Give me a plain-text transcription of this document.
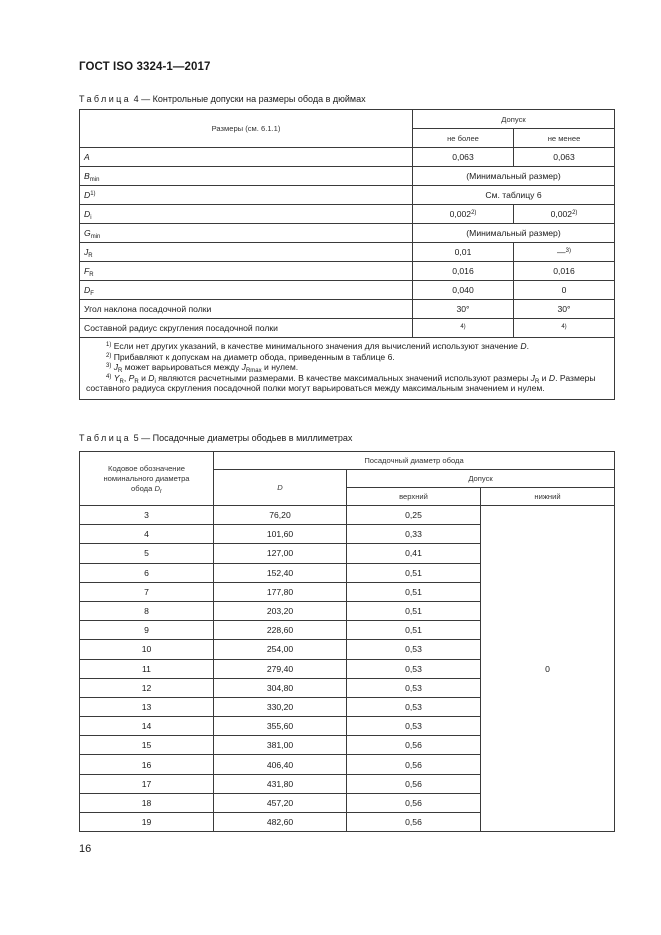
ГОСТ ISO 3324-1—2017
Таблица 4 — Контрольные допуски на размеры обода в дюймах
Размеры (см. 6.1.1)	Допуск	
	не более	не менее
A	0,063	0,063
$B_{min}$	(Минимальный размер)	
$D^{1)}$	См. таблицу 6	
$D_i$	0,002$^{2)}$	0,002$^{2)}$
$G_{min}$	(Минимальный размер)	
$J_R$	0,01	—$^{3)}$
$F_R$	0,016	0,016
$D_F$	0,040	0
Угол наклона посадочной полки	30°	30°
Составной радиус скругления посадочной полки	$^{4)}$	$^{4)}$

$^{1)}$ Если нет других указаний, в качестве минимального значения для вычислений используют значение D.
$^{2)}$ Прибавляют к допускам на диаметр обода, приведенным в таблице 6.
$^{3)}$ $J_R$ может варьироваться между $J_{Rmax}$ и нулем.
$^{4)}$ $Y_R$, $P_R$ и $D_i$ являются расчетными размерами. В качестве максимальных значений используют размеры $J_R$ и D. Размеры составного радиуса скругления посадочной полки могут варьироваться между максимальным значением и нулем.		
Таблица 5 — Посадочные диаметры ободьев в миллиметрах
Кодовое обозначение
номинального диаметра
обода $D_r$	Посадочный диаметр обода		
	D	Допуск	
		верхний	нижний
3	76,20	0,25	0
4	101,60	0,33	
5	127,00	0,41	
6	152,40	0,51	
7	177,80	0,51	
8	203,20	0,51	
9	228,60	0,51	
10	254,00	0,53	
11	279,40	0,53	
12	304,80	0,53	
13	330,20	0,53	
14	355,60	0,53	
15	381,00	0,56	
16	406,40	0,56	
17	431,80	0,56	
18	457,20	0,56	
19	482,60	0,56	
16
